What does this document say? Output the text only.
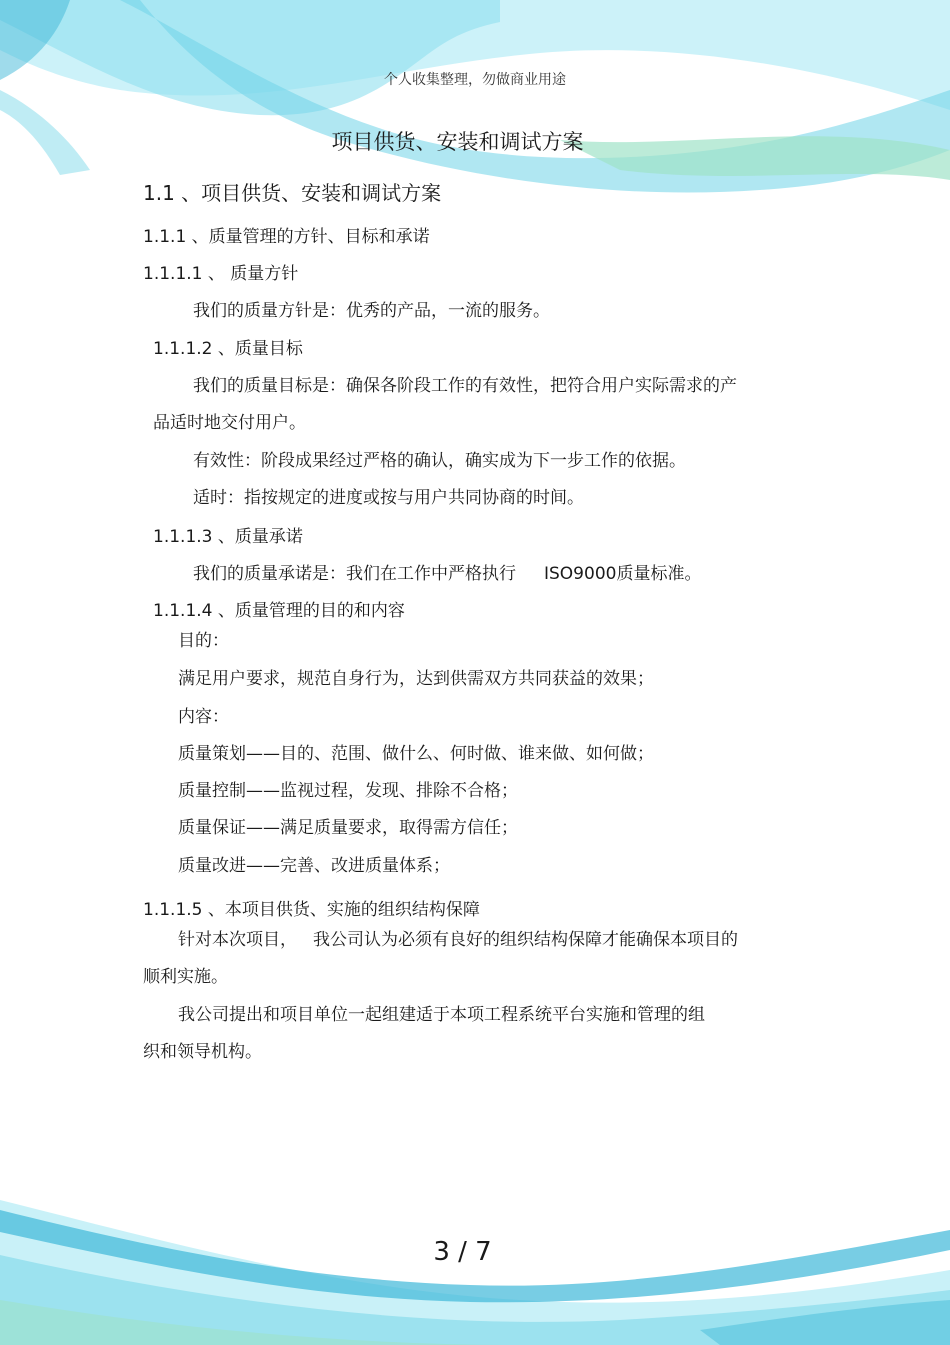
个人收集整理，勿做商业用途
项目供货、安装和调试方案
1.1 、项目供货、安装和调试方案
1.1.1 、质量管理的方针、目标和承诺
1.1.1.1 、 质量方针
我们的质量方针是：优秀的产品，一流的服务。
1.1.1.2 、质量目标
我们的质量目标是：确保各阶段工作的有效性，把符合用户实际需求的产
品适时地交付用户。
有效性：阶段成果经过严格的确认，确实成为下一步工作的依据。
适时：指按规定的进度或按与用户共同协商的时间。
1.1.1.3 、质量承诺
我们的质量承诺是：我们在工作中严格执行 ISO9000质量标准。
1.1.1.4 、质量管理的目的和内容
目的：
满足用户要求，规范自身行为，达到供需双方共同获益的效果；
内容：
质量策划——目的、范围、做什么、何时做、谁来做、如何做；
质量控制——监视过程，发现、排除不合格；
质量保证——满足质量要求，取得需方信任；
质量改进——完善、改进质量体系；
1.1.1.5 、本项目供货、实施的组织结构保障
针对本次项目， 我公司认为必须有良好的组织结构保障才能确保本项目的
顺利实施。
我公司提出和项目单位一起组建适于本项工程系统平台实施和管理的组
织和领导机构。
3 / 7
